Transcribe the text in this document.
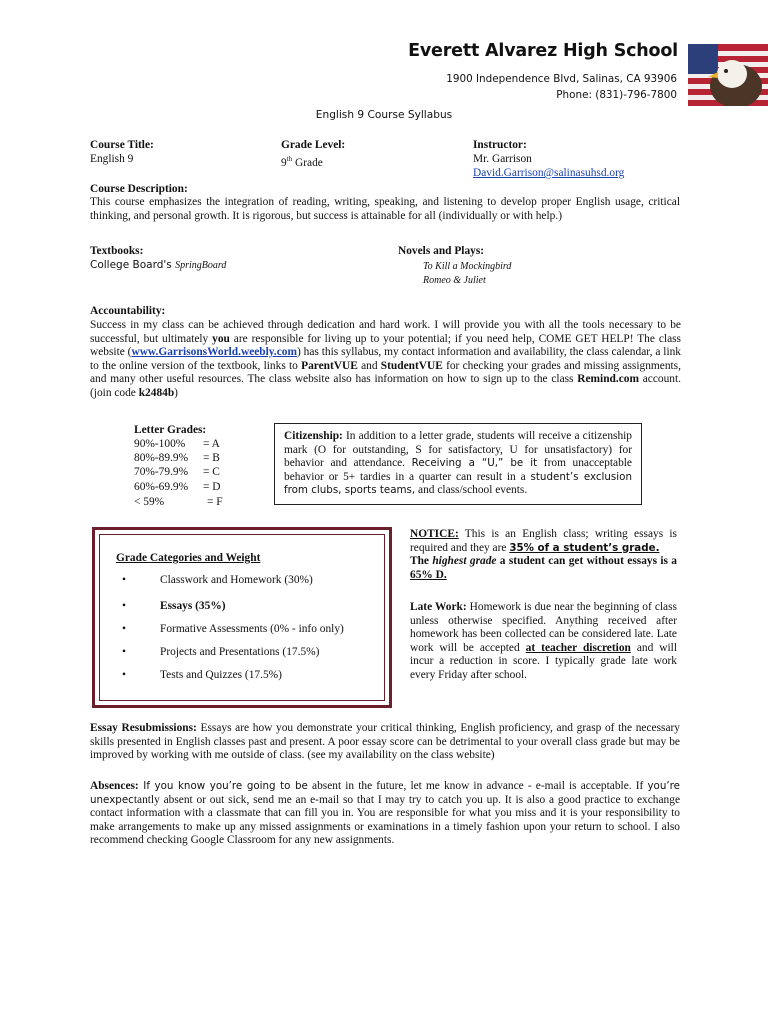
Everett Alvarez High School
1900 Independence Blvd, Salinas, CA 93906
Phone: (831)-796-7800
English 9 Course Syllabus
Course Title:
English 9
Grade Level:
9th Grade
Instructor:
Mr. Garrison
David.Garrison@salinasuhsd.org
Course Description:
This course emphasizes the integration of reading, writing, speaking, and listening to develop proper English usage, critical thinking, and personal growth. It is rigorous, but success is attainable for all (individually or with help.)
Textbooks:
College Board's SpringBoard
Novels and Plays:
To Kill a Mockingbird
Romeo & Juliet
Accountability:
Success in my class can be achieved through dedication and hard work. I will provide you with all the tools necessary to be successful, but ultimately you are responsible for living up to your potential; if you need help, COME GET HELP! The class website (www.GarrisonsWorld.weebly.com) has this syllabus, my contact information and availability, the class calendar, a link to the online version of the textbook, links to ParentVUE and StudentVUE for checking your grades and missing assignments, and many other useful resources. The class website also has information on how to sign up to the class Remind.com account. (join code k2484b)
Letter Grades:
90%-100% = A
80%-89.9% = B
70%-79.9% = C
60%-69.9% = D
< 59%	= F
Citizenship: In addition to a letter grade, students will receive a citizenship mark (O for outstanding, S for satisfactory, U for unsatisfactory) for behavior and attendance. Receiving a “U,” be it from unacceptable behavior or 5+ tardies in a quarter can result in a student’s exclusion from clubs, sports teams, and class/school events.
Grade Categories and Weight
•	Classwork and Homework (30%)
•	Essays (35%)
•	Formative Assessments (0% - info only)
•	Projects and Presentations (17.5%)
•	Tests and Quizzes (17.5%)
NOTICE: This is an English class; writing essays is required and they are 35% of a student’s grade.
The highest grade a student can get without essays is a 65% D.
Late Work: Homework is due near the beginning of class unless otherwise specified. Anything received after homework has been collected can be considered late. Late work will be accepted at teacher discretion and will incur a reduction in score. I typically grade late work every Friday after school.
Essay Resubmissions: Essays are how you demonstrate your critical thinking, English proficiency, and grasp of the necessary skills presented in English classes past and present. A poor essay score can be detrimental to your overall class grade but may be improved by working with me outside of class. (see my availability on the class website)
Absences: If you know you’re going to be absent in the future, let me know in advance - e-mail is acceptable. If you’re unexpectantly absent or out sick, send me an e-mail so that I may try to catch you up. It is also a good practice to exchange contact information with a classmate that can fill you in. You are responsible for what you miss and it is your responsibility to make arrangements to make up any missed assignments or examinations in a timely fashion upon your return to school. I also recommend checking Google Classroom for any new assignments.
